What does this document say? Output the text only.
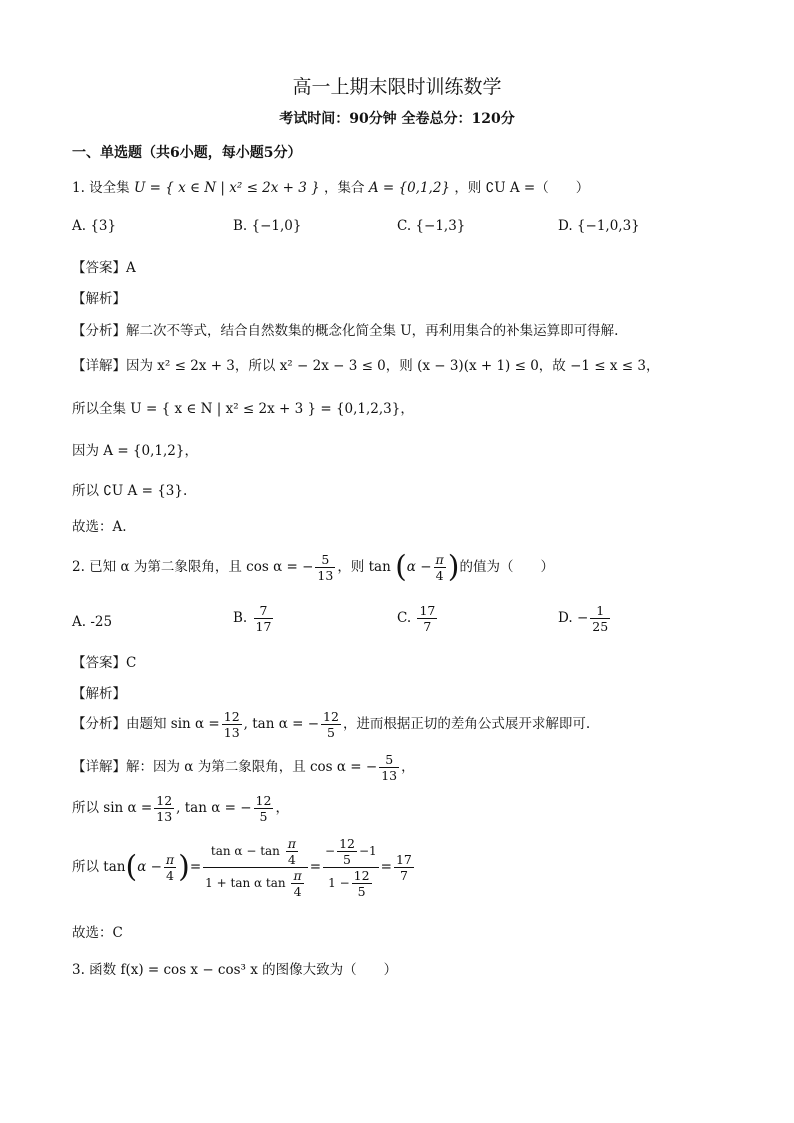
高一上期末限时训练数学
考试时间：90分钟 全卷总分：120分
一、单选题（共6小题，每小题5分）
1. 设全集 U = { x ∈ N | x² ≤ 2x + 3 } ，集合 A = {0,1,2} ，则 ∁U A =（　　）
A. {3}	B. {−1,0}	C. {−1,3}	D. {−1,0,3}
【答案】A
【解析】
【分析】解二次不等式，结合自然数集的概念化简全集 U，再利用集合的补集运算即可得解.
【详解】因为 x² ≤ 2x + 3，所以 x² − 2x − 3 ≤ 0，则 (x − 3)(x + 1) ≤ 0，故 −1 ≤ x ≤ 3，
所以全集 U = { x ∈ N | x² ≤ 2x + 3 } = {0,1,2,3}，
因为 A = {0,1,2}，
所以 ∁U A = {3}.
故选：A.
2. 已知 α 为第二象限角，且 cos α = − $\frac{5}{13}$ ，则 $\tan (\alpha - \frac{\pi}{4}$ )的值为（　　）
A. -25	B. $\frac{7}{17}$	C. $\frac{17}{7}$	D. − $\frac{1}{25}$
【答案】C
【解析】
【分析】由题知 $\sin \alpha = \frac{12}{13}$ , tan α = − $\frac{12}{5}$ ，进而根据正切的差角公式展开求解即可.
【详解】解：因为 α 为第二象限角，且 cos α = − $\frac{5}{13}$ ，
所以 $\sin \alpha = \frac{12}{13}$ , tan α = − $\frac{12}{5}$ ，
所以 $\tan(\alpha - \frac{\pi}{4}$ )= $\frac{\tan \alpha - \tan \frac{\pi}{4}}{1 + \tan \alpha \tan \frac{\pi}{4}} = \frac{- \frac{12}{5} -1}{1 - \frac{12}{5}} = \frac{17}{7}$
故选：C
3. 函数 f(x) = cos x − cos³ x 的图像大致为（　　）
